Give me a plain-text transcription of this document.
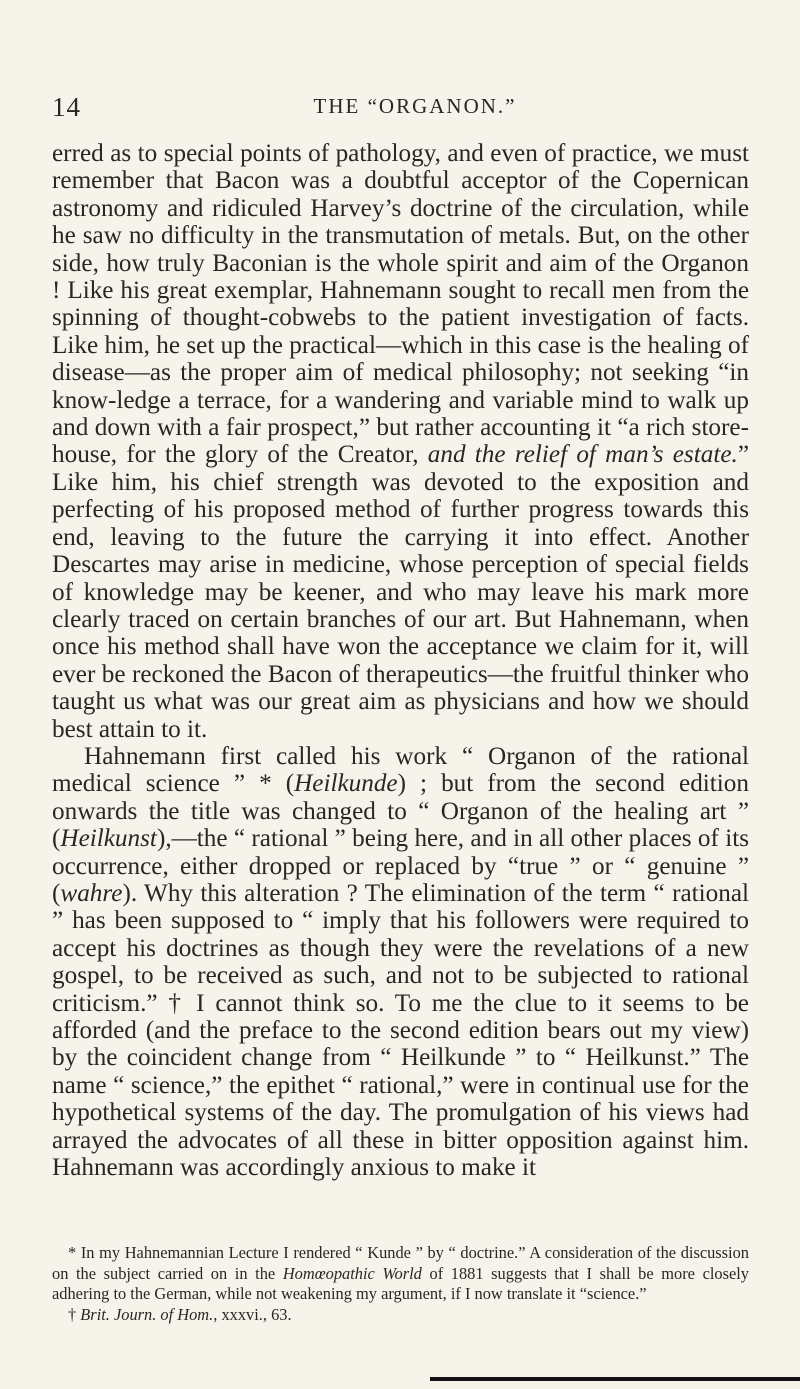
14	THE “ORGANON.”

erred as to special points of pathology, and even of practice, we must remember that Bacon was a doubtful acceptor of the Copernican astronomy and ridiculed Harvey’s doctrine of the circulation, while he saw no difficulty in the transmutation of metals. But, on the other side, how truly Baconian is the whole spirit and aim of the Organon ! Like his great exemplar, Hahnemann sought to recall men from the spinning of thought-cobwebs to the patient investigation of facts. Like him, he set up the practical—which in this case is the healing of disease—as the proper aim of medical philosophy; not seeking “in know-ledge a terrace, for a wandering and variable mind to walk up and down with a fair prospect,” but rather accounting it “a rich store-house, for the glory of the Creator, and the relief of man’s estate.” Like him, his chief strength was devoted to the exposition and perfecting of his proposed method of further progress towards this end, leaving to the future the carrying it into effect. Another Descartes may arise in medicine, whose perception of special fields of knowledge may be keener, and who may leave his mark more clearly traced on certain branches of our art. But Hahnemann, when once his method shall have won the acceptance we claim for it, will ever be reckoned the Bacon of therapeutics—the fruitful thinker who taught us what was our great aim as physicians and how we should best attain to it.

Hahnemann first called his work “ Organon of the rational medical science ” * (Heilkunde) ; but from the second edition onwards the title was changed to “ Organon of the healing art ” (Heilkunst),—the “ rational ” being here, and in all other places of its occurrence, either dropped or replaced by “true ” or “ genuine ” (wahre). Why this alteration ? The elimination of the term “ rational ” has been supposed to “ imply that his followers were required to accept his doctrines as though they were the revelations of a new gospel, to be received as such, and not to be subjected to rational criticism.” † I cannot think so. To me the clue to it seems to be afforded (and the preface to the second edition bears out my view) by the coincident change from “ Heilkunde ” to “ Heilkunst.” The name “ science,” the epithet “ rational,” were in continual use for the hypothetical systems of the day. The promulgation of his views had arrayed the advocates of all these in bitter opposition against him. Hahnemann was accordingly anxious to make it

* In my Hahnemannian Lecture I rendered “ Kunde ” by “ doctrine.” A consideration of the discussion on the subject carried on in the Homœopathic World of 1881 suggests that I shall be more closely adhering to the German, while not weakening my argument, if I now translate it “science.”

† Brit. Journ. of Hom., xxxvi., 63.
